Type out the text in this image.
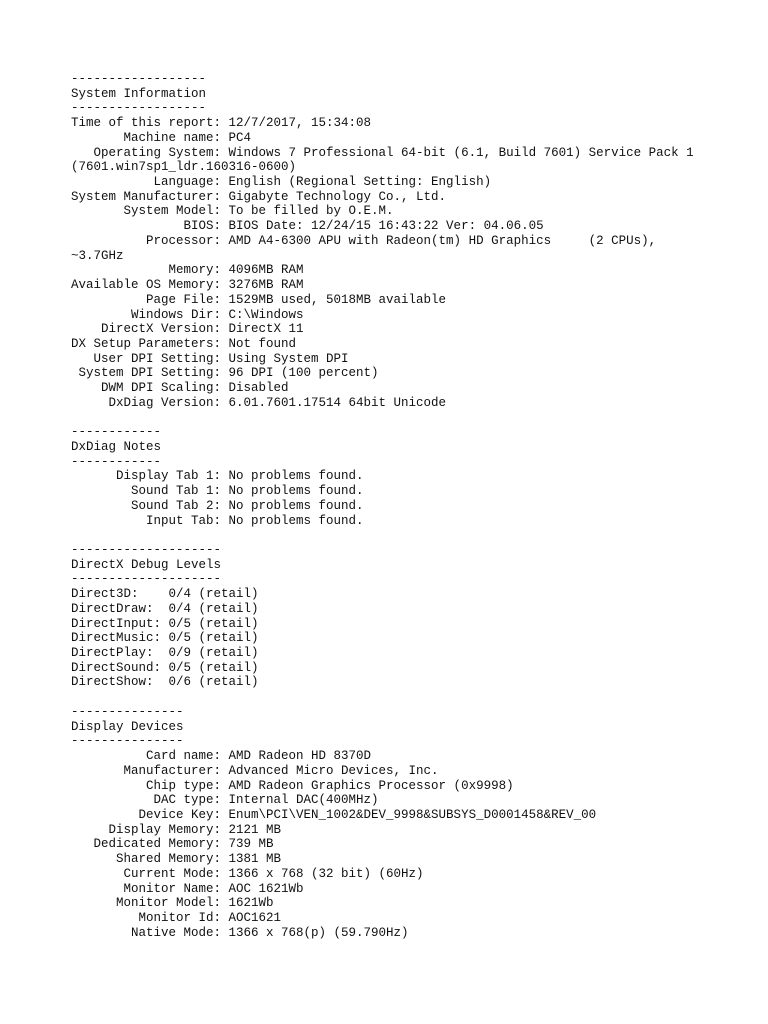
------------------
System Information
------------------
Time of this report: 12/7/2017, 15:34:08
Machine name: PC4
Operating System: Windows 7 Professional 64-bit (6.1, Build 7601) Service Pack 1
(7601.win7sp1_ldr.160316-0600)
Language: English (Regional Setting: English)
System Manufacturer: Gigabyte Technology Co., Ltd.
System Model: To be filled by O.E.M.
BIOS: BIOS Date: 12/24/15 16:43:22 Ver: 04.06.05
Processor: AMD A4-6300 APU with Radeon(tm) HD Graphics     (2 CPUs),
~3.7GHz
Memory: 4096MB RAM
Available OS Memory: 3276MB RAM
Page File: 1529MB used, 5018MB available
Windows Dir: C:\Windows
DirectX Version: DirectX 11
DX Setup Parameters: Not found
User DPI Setting: Using System DPI
System DPI Setting: 96 DPI (100 percent)
DWM DPI Scaling: Disabled
DxDiag Version: 6.01.7601.17514 64bit Unicode
------------
DxDiag Notes
------------
Display Tab 1: No problems found.
Sound Tab 1: No problems found.
Sound Tab 2: No problems found.
Input Tab: No problems found.
--------------------
DirectX Debug Levels
--------------------
Direct3D:    0/4 (retail)
DirectDraw:  0/4 (retail)
DirectInput: 0/5 (retail)
DirectMusic: 0/5 (retail)
DirectPlay:  0/9 (retail)
DirectSound: 0/5 (retail)
DirectShow:  0/6 (retail)
---------------
Display Devices
---------------
Card name: AMD Radeon HD 8370D
Manufacturer: Advanced Micro Devices, Inc.
Chip type: AMD Radeon Graphics Processor (0x9998)
DAC type: Internal DAC(400MHz)
Device Key: Enum\PCI\VEN_1002&DEV_9998&SUBSYS_D0001458&REV_00
Display Memory: 2121 MB
Dedicated Memory: 739 MB
Shared Memory: 1381 MB
Current Mode: 1366 x 768 (32 bit) (60Hz)
Monitor Name: AOC 1621Wb
Monitor Model: 1621Wb
Monitor Id: AOC1621
Native Mode: 1366 x 768(p) (59.790Hz)
